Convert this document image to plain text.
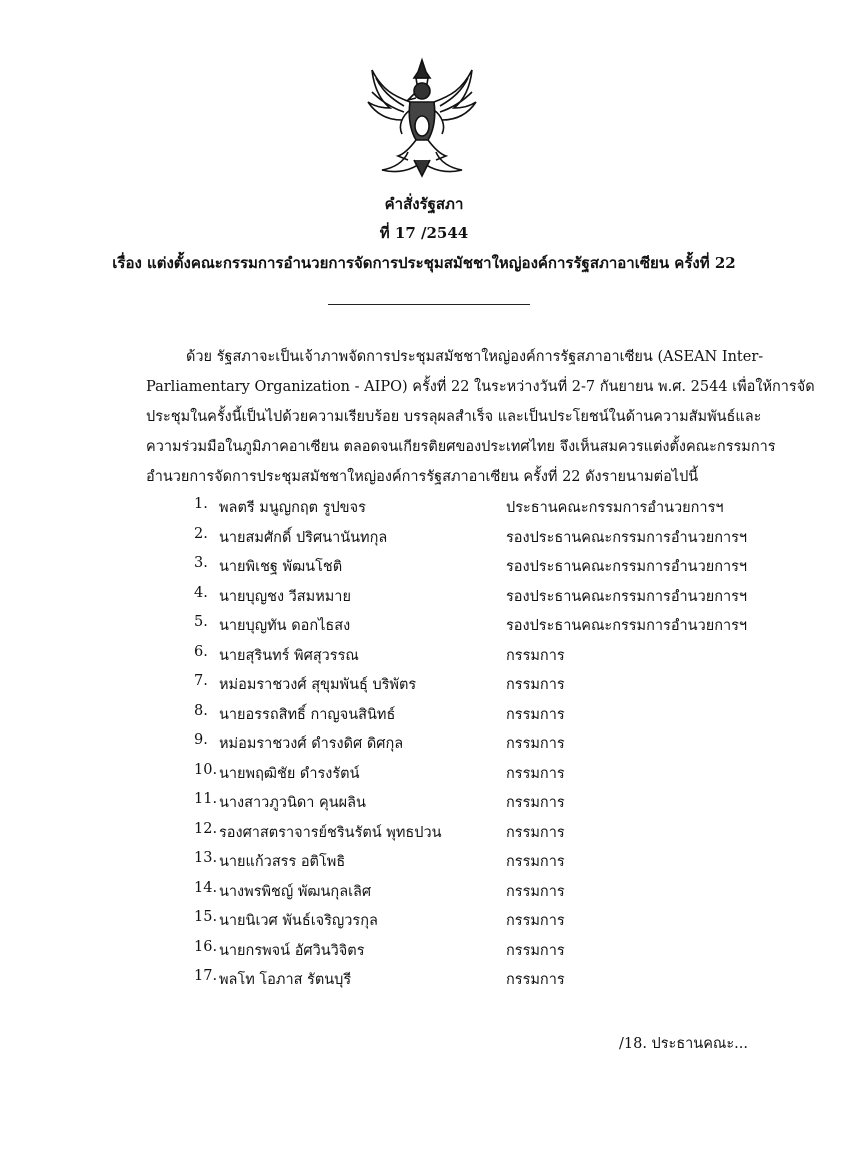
คำสั่งรัฐสภา
ที่ 17 /2544
เรื่อง แต่งตั้งคณะกรรมการอำนวยการจัดการประชุมสมัชชาใหญ่องค์การรัฐสภาอาเซียน ครั้งที่ 22
ด้วย รัฐสภาจะเป็นเจ้าภาพจัดการประชุมสมัชชาใหญ่องค์การรัฐสภาอาเซียน (ASEAN Inter-
Parliamentary Organization - AIPO) ครั้งที่ 22 ในระหว่างวันที่ 2-7 กันยายน พ.ศ. 2544 เพื่อให้การจัด
ประชุมในครั้งนี้เป็นไปด้วยความเรียบร้อย บรรลุผลสำเร็จ และเป็นประโยชน์ในด้านความสัมพันธ์และ
ความร่วมมือในภูมิภาคอาเซียน ตลอดจนเกียรติยศของประเทศไทย จึงเห็นสมควรแต่งตั้งคณะกรรมการ
อำนวยการจัดการประชุมสมัชชาใหญ่องค์การรัฐสภาอาเซียน ครั้งที่ 22 ดังรายนามต่อไปนี้
1. พลตรี มนูญกฤต รูปขจร	ประธานคณะกรรมการอำนวยการฯ
2. นายสมศักดิ์ ปริศนานันทกุล	รองประธานคณะกรรมการอำนวยการฯ
3. นายพิเชฐ พัฒนโชติ	รองประธานคณะกรรมการอำนวยการฯ
4. นายบุญชง วีสมหมาย	รองประธานคณะกรรมการอำนวยการฯ
5. นายบุญทัน ดอกไธสง	รองประธานคณะกรรมการอำนวยการฯ
6. นายสุรินทร์ พิศสุวรรณ	กรรมการ
7. หม่อมราชวงศ์ สุขุมพันธุ์ บริพัตร	กรรมการ
8. นายอรรถสิทธิ์ กาญจนสินิทธ์	กรรมการ
9. หม่อมราชวงศ์ ดำรงดิศ ดิศกุล	กรรมการ
10. นายพฤฒิชัย ดำรงรัตน์	กรรมการ
11. นางสาวภูวนิดา คุนผลิน	กรรมการ
12. รองศาสตราจารย์ชรินรัตน์ พุทธปวน	กรรมการ
13. นายแก้วสรร อติโพธิ	กรรมการ
14. นางพรพิชญ์ พัฒนกุลเลิศ	กรรมการ
15. นายนิเวศ พันธ์เจริญวรกุล	กรรมการ
16. นายกรพจน์ อัศวินวิจิตร	กรรมการ
17. พลโท โอภาส รัตนบุรี	กรรมการ
/18. ประธานคณะ...
